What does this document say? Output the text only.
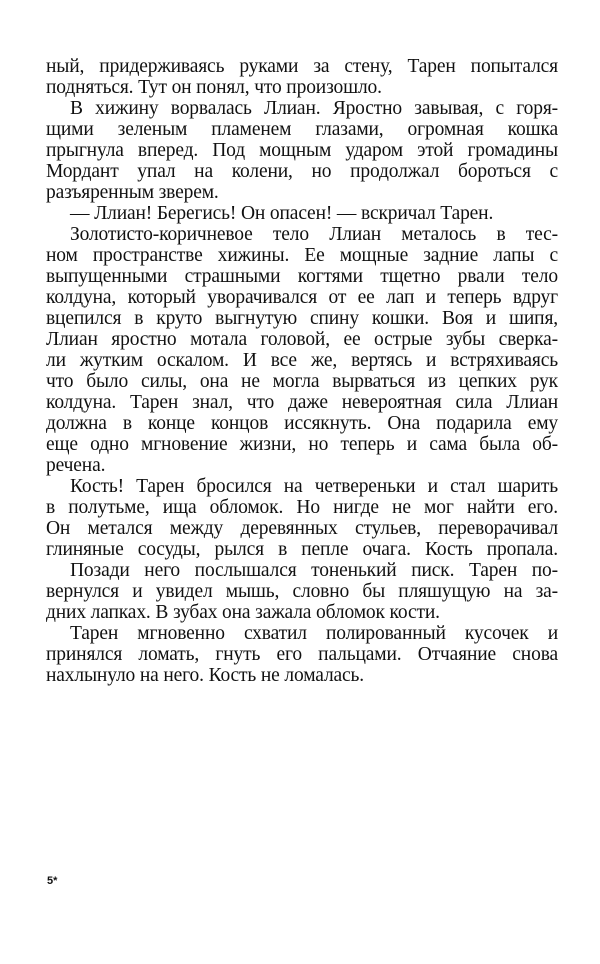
ный, придерживаясь руками за стену, Тарен попытался
подняться. Тут он понял, что произошло.
В хижину ворвалась Ллиан. Яростно завывая, с горя-
щими зеленым пламенем глазами, огромная кошка
прыгнула вперед. Под мощным ударом этой громадины
Мордант упал на колени, но продолжал бороться с
разъяренным зверем.
— Ллиан! Берегись! Он опасен! — вскричал Тарен.
Золотисто-коричневое тело Ллиан металось в тес-
ном пространстве хижины. Ее мощные задние лапы с
выпущенными страшными когтями тщетно рвали тело
колдуна, который уворачивался от ее лап и теперь вдруг
вцепился в круто выгнутую спину кошки. Воя и шипя,
Ллиан яростно мотала головой, ее острые зубы сверка-
ли жутким оскалом. И все же, вертясь и встряхиваясь
что было силы, она не могла вырваться из цепких рук
колдуна. Тарен знал, что даже невероятная сила Ллиан
должна в конце концов иссякнуть. Она подарила ему
еще одно мгновение жизни, но теперь и сама была об-
речена.
Кость! Тарен бросился на четвереньки и стал шарить
в полутьме, ища обломок. Но нигде не мог найти его.
Он метался между деревянных стульев, переворачивал
глиняные сосуды, рылся в пепле очага. Кость пропала.
Позади него послышался тоненький писк. Тарен по-
вернулся и увидел мышь, словно бы пляшущую на за-
дних лапках. В зубах она зажала обломок кости.
Тарен мгновенно схватил полированный кусочек и
принялся ломать, гнуть его пальцами. Отчаяние снова
нахлынуло на него. Кость не ломалась.
5*
